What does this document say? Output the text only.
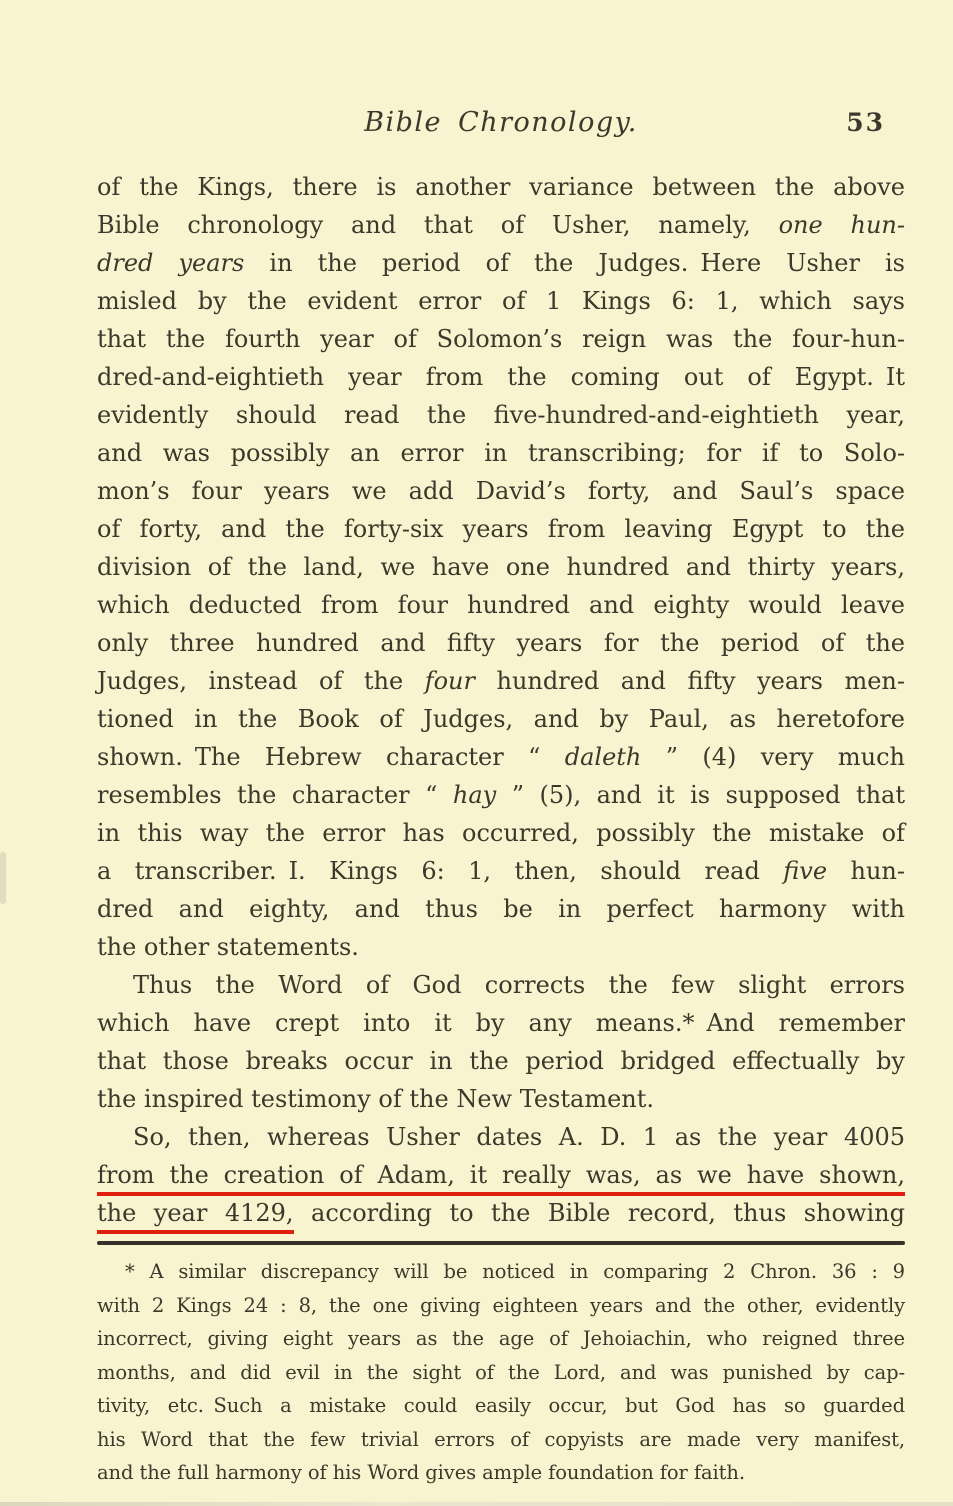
Bible Chronology.	53
of the Kings, there is another variance between the above
Bible chronology and that of Usher, namely, one hun-
dred years in the period of the Judges. Here Usher is
misled by the evident error of 1 Kings 6: 1, which says
that the fourth year of Solomon’s reign was the four-hun-
dred-and-eightieth year from the coming out of Egypt. It
evidently should read the five-hundred-and-eightieth year,
and was possibly an error in transcribing; for if to Solo-
mon’s four years we add David’s forty, and Saul’s space
of forty, and the forty-six years from leaving Egypt to the
division of the land, we have one hundred and thirty years,
which deducted from four hundred and eighty would leave
only three hundred and fifty years for the period of the
Judges, instead of the four hundred and fifty years men-
tioned in the Book of Judges, and by Paul, as heretofore
shown. The Hebrew character “ daleth ” (4) very much
resembles the character “ hay ” (5), and it is supposed that
in this way the error has occurred, possibly the mistake of
a transcriber. I. Kings 6: 1, then, should read five hun-
dred and eighty, and thus be in perfect harmony with
the other statements.
Thus the Word of God corrects the few slight errors
which have crept into it by any means.* And remember
that those breaks occur in the period bridged effectually by
the inspired testimony of the New Testament.
So, then, whereas Usher dates A. D. 1 as the year 4005
from the creation of Adam, it really was, as we have shown,
the year 4129, according to the Bible record, thus showing
* A similar discrepancy will be noticed in comparing 2 Chron. 36 : 9
with 2 Kings 24 : 8, the one giving eighteen years and the other, evidently
incorrect, giving eight years as the age of Jehoiachin, who reigned three
months, and did evil in the sight of the Lord, and was punished by cap-
tivity, etc. Such a mistake could easily occur, but God has so guarded
his Word that the few trivial errors of copyists are made very manifest,
and the full harmony of his Word gives ample foundation for faith.
